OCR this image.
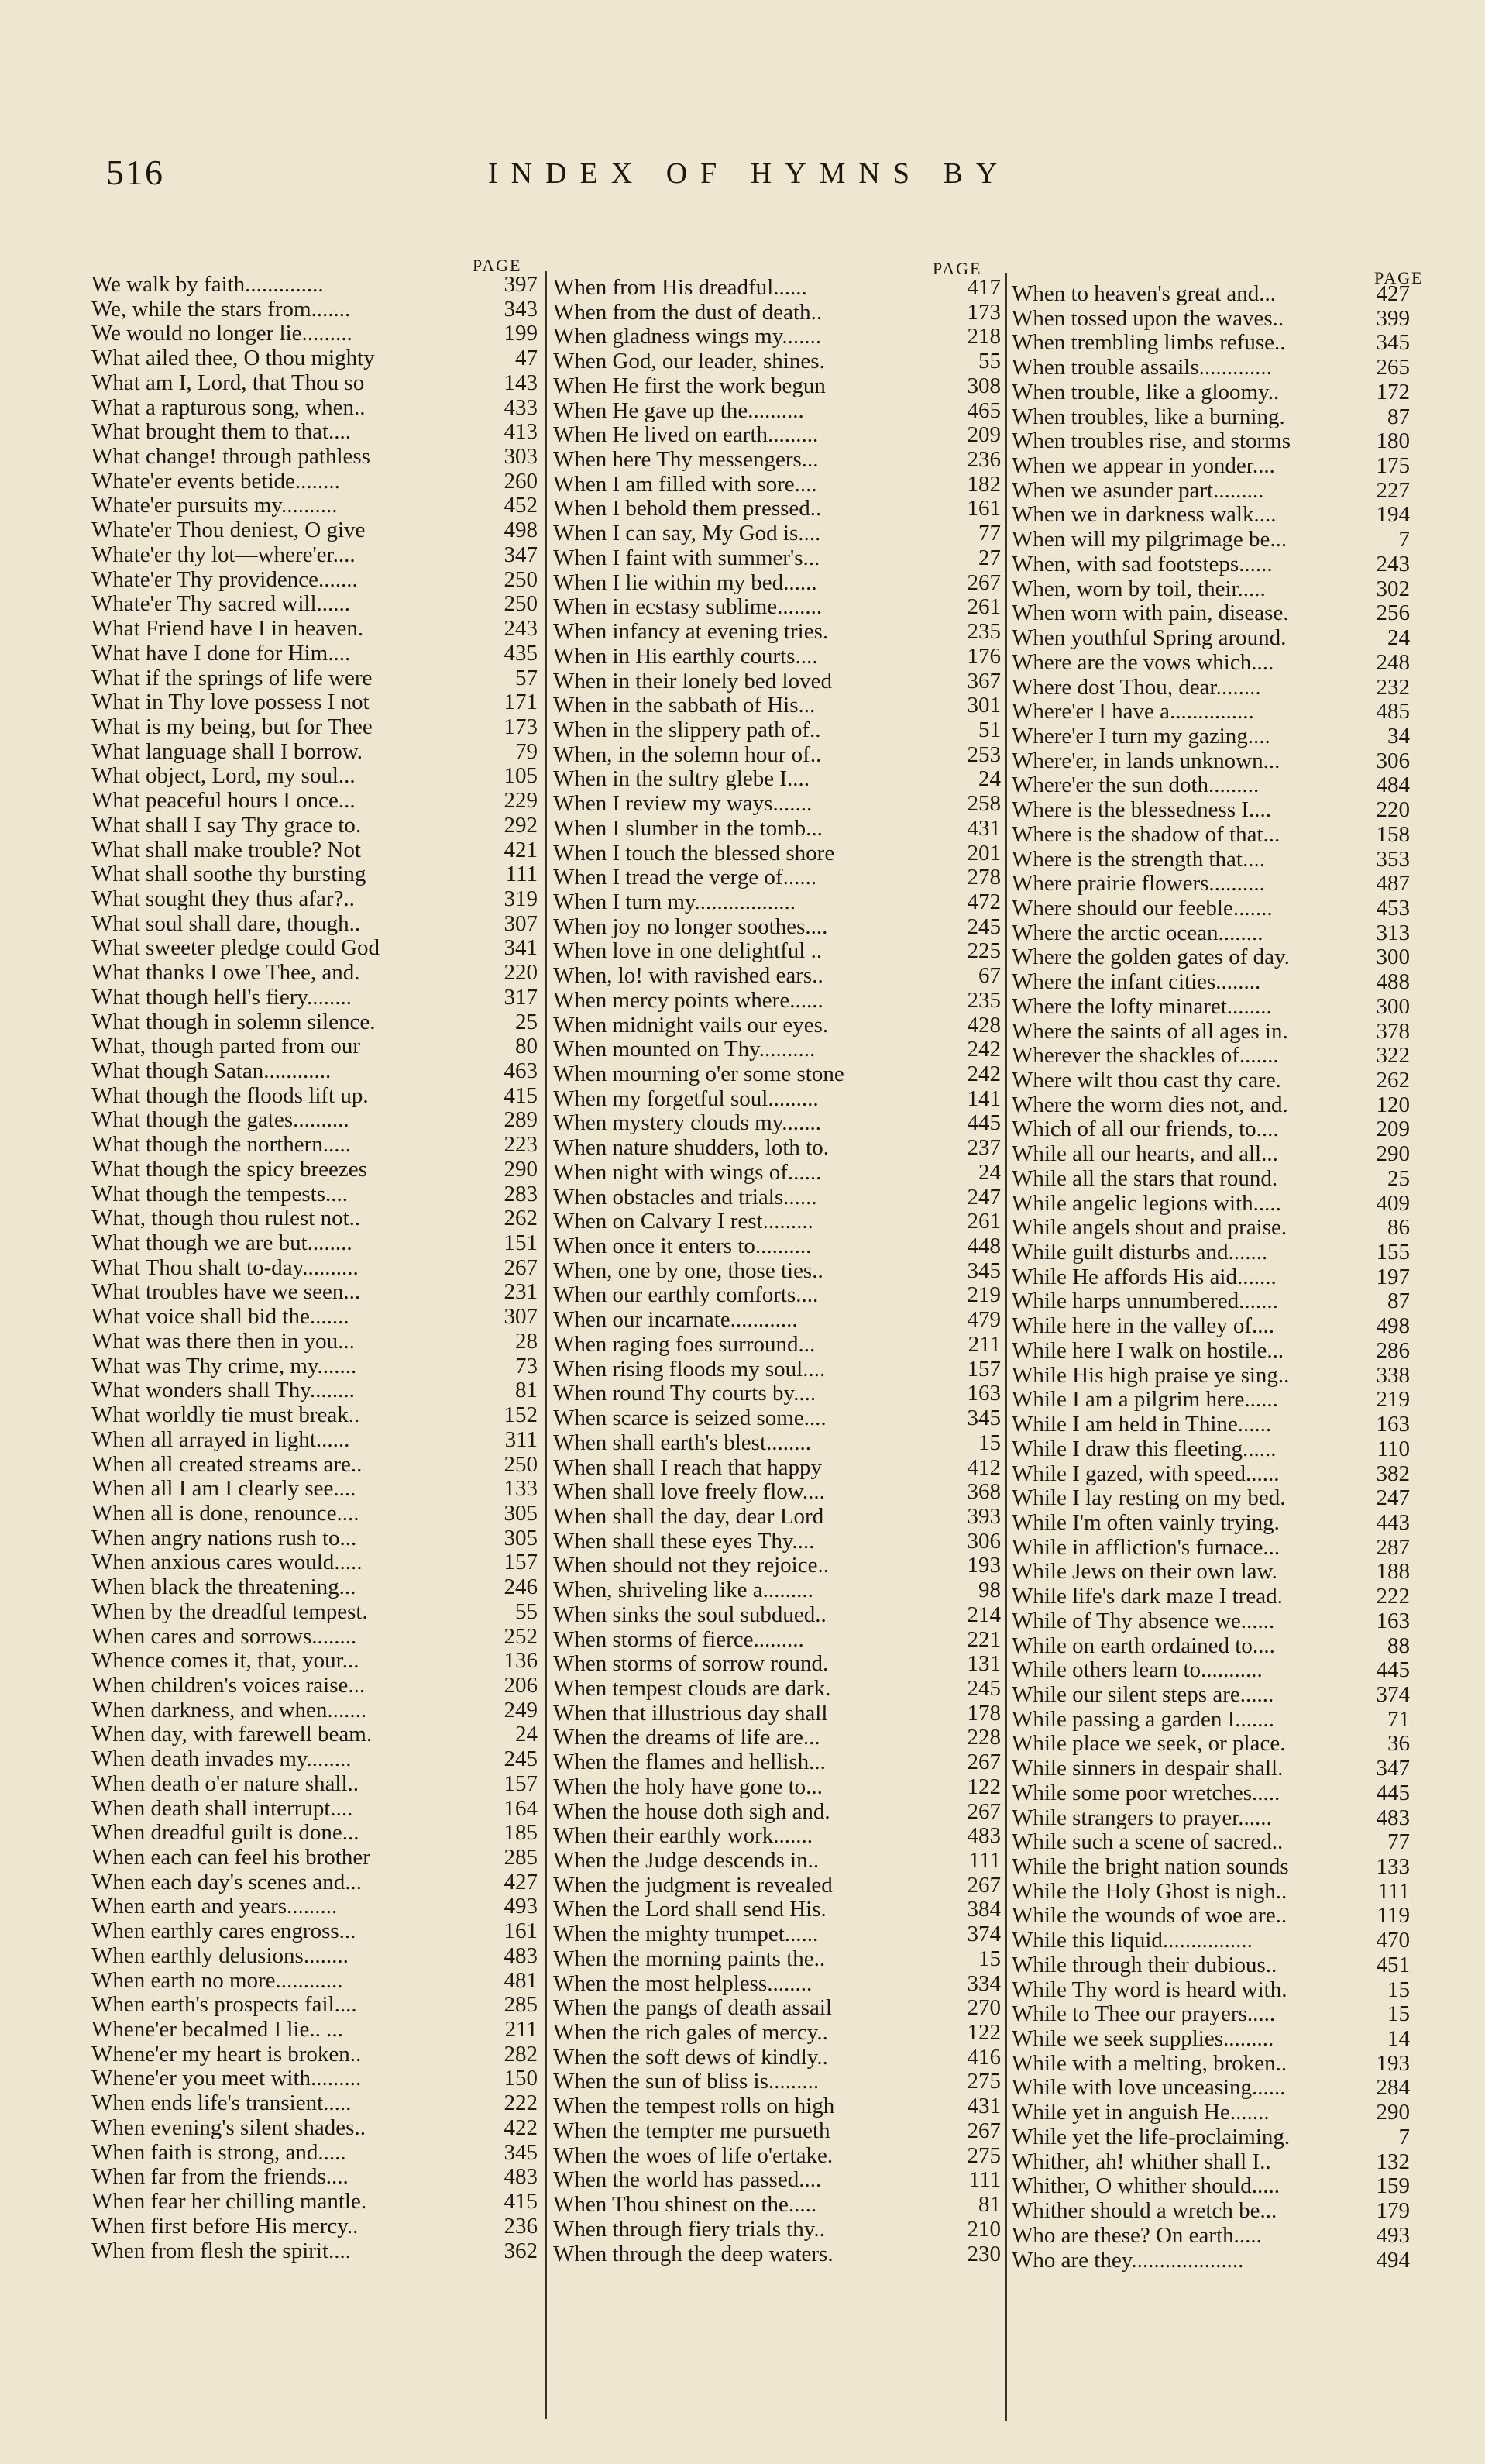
516	INDEX OF HYMNS BY
PAGE
We walk by faith..............	397
We, while the stars from.......	343
We would no longer lie.........	199
What ailed thee, O thou mighty	47
What am I, Lord, that Thou so	143
What a rapturous song, when..	433
What brought them to that....	413
What change! through pathless	303
Whate'er events betide........	260
Whate'er pursuits my..........	452
Whate'er Thou deniest, O give	498
Whate'er thy lot—where'er....	347
Whate'er Thy providence.......	250
Whate'er Thy sacred will......	250
What Friend have I in heaven.	243
What have I done for Him....	435
What if the springs of life were	57
What in Thy love possess I not	171
What is my being, but for Thee	173
What language shall I borrow.	79
What object, Lord, my soul...	105
What peaceful hours I once...	229
What shall I say Thy grace to.	292
What shall make trouble? Not	421
What shall soothe thy bursting	111
What sought they thus afar?..	319
What soul shall dare, though..	307
What sweeter pledge could God	341
What thanks I owe Thee, and.	220
What though hell's fiery........	317
What though in solemn silence.	25
What, though parted from our	80
What though Satan............	463
What though the floods lift up.	415
What though the gates..........	289
What though the northern.....	223
What though the spicy breezes	290
What though the tempests....	283
What, though thou rulest not..	262
What though we are but........	151
What Thou shalt to-day..........	267
What troubles have we seen...	231
What voice shall bid the.......	307
What was there then in you...	28
What was Thy crime, my.......	73
What wonders shall Thy........	81
What worldly tie must break..	152
When all arrayed in light......	311
When all created streams are..	250
When all I am I clearly see....	133
When all is done, renounce....	305
When angry nations rush to...	305
When anxious cares would.....	157
When black the threatening...	246
When by the dreadful tempest.	55
When cares and sorrows........	252
Whence comes it, that, your...	136
When children's voices raise...	206
When darkness, and when.......	249
When day, with farewell beam.	24
When death invades my........	245
When death o'er nature shall..	157
When death shall interrupt....	164
When dreadful guilt is done...	185
When each can feel his brother	285
When each day's scenes and...	427
When earth and years.........	493
When earthly cares engross...	161
When earthly delusions........	483
When earth no more............	481
When earth's prospects fail....	285
Whene'er becalmed I lie.. ...	211
Whene'er my heart is broken..	282
Whene'er you meet with.........	150
When ends life's transient.....	222
When evening's silent shades..	422
When faith is strong, and.....	345
When far from the friends....	483
When fear her chilling mantle.	415
When first before His mercy..	236
When from flesh the spirit....	362
PAGE
When from His dreadful......	417
When from the dust of death..	173
When gladness wings my.......	218
When God, our leader, shines.	55
When He first the work begun	308
When He gave up the..........	465
When He lived on earth.........	209
When here Thy messengers...	236
When I am filled with sore....	182
When I behold them pressed..	161
When I can say, My God is....	77
When I faint with summer's...	27
When I lie within my bed......	267
When in ecstasy sublime........	261
When infancy at evening tries.	235
When in His earthly courts....	176
When in their lonely bed loved	367
When in the sabbath of His...	301
When in the slippery path of..	51
When, in the solemn hour of..	253
When in the sultry glebe I....	24
When I review my ways.......	258
When I slumber in the tomb...	431
When I touch the blessed shore	201
When I tread the verge of......	278
When I turn my..................	472
When joy no longer soothes....	245
When love in one delightful ..	225
When, lo! with ravished ears..	67
When mercy points where......	235
When midnight vails our eyes.	428
When mounted on Thy..........	242
When mourning o'er some stone	242
When my forgetful soul.........	141
When mystery clouds my.......	445
When nature shudders, loth to.	237
When night with wings of......	24
When obstacles and trials......	247
When on Calvary I rest.........	261
When once it enters to..........	448
When, one by one, those ties..	345
When our earthly comforts....	219
When our incarnate............	479
When raging foes surround...	211
When rising floods my soul....	157
When round Thy courts by....	163
When scarce is seized some....	345
When shall earth's blest........	15
When shall I reach that happy	412
When shall love freely flow....	368
When shall the day, dear Lord	393
When shall these eyes Thy....	306
When should not they rejoice..	193
When, shriveling like a.........	98
When sinks the soul subdued..	214
When storms of fierce.........	221
When storms of sorrow round.	131
When tempest clouds are dark.	245
When that illustrious day shall	178
When the dreams of life are...	228
When the flames and hellish...	267
When the holy have gone to...	122
When the house doth sigh and.	267
When their earthly work.......	483
When the Judge descends in..	111
When the judgment is revealed	267
When the Lord shall send His.	384
When the mighty trumpet......	374
When the morning paints the..	15
When the most helpless........	334
When the pangs of death assail	270
When the rich gales of mercy..	122
When the soft dews of kindly..	416
When the sun of bliss is.........	275
When the tempest rolls on high	431
When the tempter me pursueth	267
When the woes of life o'ertake.	275
When the world has passed....	111
When Thou shinest on the.....	81
When through fiery trials thy..	210
When through the deep waters.	230
PAGE
When to heaven's great and...	427
When tossed upon the waves..	399
When trembling limbs refuse..	345
When trouble assails.............	265
When trouble, like a gloomy..	172
When troubles, like a burning.	87
When troubles rise, and storms	180
When we appear in yonder....	175
When we asunder part.........	227
When we in darkness walk....	194
When will my pilgrimage be...	7
When, with sad footsteps......	243
When, worn by toil, their.....	302
When worn with pain, disease.	256
When youthful Spring around.	24
Where are the vows which....	248
Where dost Thou, dear........	232
Where'er I have a...............	485
Where'er I turn my gazing....	34
Where'er, in lands unknown...	306
Where'er the sun doth.........	484
Where is the blessedness I....	220
Where is the shadow of that...	158
Where is the strength that....	353
Where prairie flowers..........	487
Where should our feeble.......	453
Where the arctic ocean........	313
Where the golden gates of day.	300
Where the infant cities........	488
Where the lofty minaret........	300
Where the saints of all ages in.	378
Wherever the shackles of.......	322
Where wilt thou cast thy care.	262
Where the worm dies not, and.	120
Which of all our friends, to....	209
While all our hearts, and all...	290
While all the stars that round.	25
While angelic legions with.....	409
While angels shout and praise.	86
While guilt disturbs and.......	155
While He affords His aid.......	197
While harps unnumbered.......	87
While here in the valley of....	498
While here I walk on hostile...	286
While His high praise ye sing..	338
While I am a pilgrim here......	219
While I am held in Thine......	163
While I draw this fleeting......	110
While I gazed, with speed......	382
While I lay resting on my bed.	247
While I'm often vainly trying.	443
While in affliction's furnace...	287
While Jews on their own law.	188
While life's dark maze I tread.	222
While of Thy absence we......	163
While on earth ordained to....	88
While others learn to...........	445
While our silent steps are......	374
While passing a garden I.......	71
While place we seek, or place.	36
While sinners in despair shall.	347
While some poor wretches.....	445
While strangers to prayer......	483
While such a scene of sacred..	77
While the bright nation sounds	133
While the Holy Ghost is nigh..	111
While the wounds of woe are..	119
While this liquid................	470
While through their dubious..	451
While Thy word is heard with.	15
While to Thee our prayers.....	15
While we seek supplies.........	14
While with a melting, broken..	193
While with love unceasing......	284
While yet in anguish He.......	290
While yet the life-proclaiming.	7
Whither, ah! whither shall I..	132
Whither, O whither should.....	159
Whither should a wretch be...	179
Who are these? On earth.....	493
Who are they....................	494
